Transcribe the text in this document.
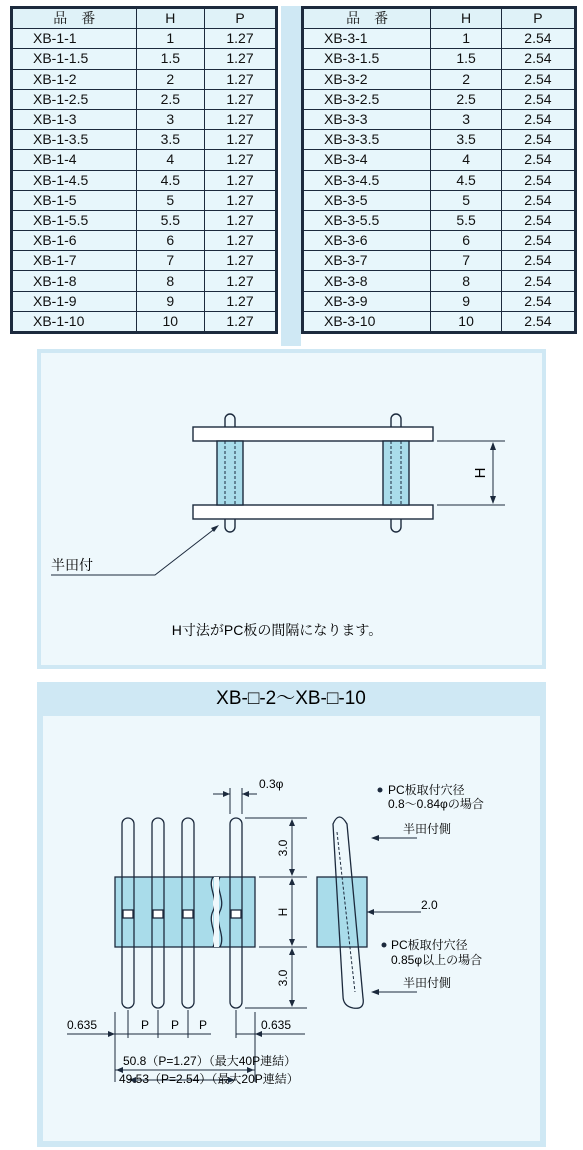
品　番	H	P
XB-1-1	1	1.27
XB-1-1.5	1.5	1.27
XB-1-2	2	1.27
XB-1-2.5	2.5	1.27
XB-1-3	3	1.27
XB-1-3.5	3.5	1.27
XB-1-4	4	1.27
XB-1-4.5	4.5	1.27
XB-1-5	5	1.27
XB-1-5.5	5.5	1.27
XB-1-6	6	1.27
XB-1-7	7	1.27
XB-1-8	8	1.27
XB-1-9	9	1.27
XB-1-10	10	1.27
品　番	H	P
XB-3-1	1	2.54
XB-3-1.5	1.5	2.54
XB-3-2	2	2.54
XB-3-2.5	2.5	2.54
XB-3-3	3	2.54
XB-3-3.5	3.5	2.54
XB-3-4	4	2.54
XB-3-4.5	4.5	2.54
XB-3-5	5	2.54
XB-3-5.5	5.5	2.54
XB-3-6	6	2.54
XB-3-7	7	2.54
XB-3-8	8	2.54
XB-3-9	9	2.54
XB-3-10	10	2.54
H
半田付
H寸法がPC板の間隔になります。
XB-□-2〜XB-□-10
0.3φ
3.0
H
3.0
0.635	P P P	0.635
50.8（P=1.27）（最大40P連結）
49.53（P=2.54）（最大20P連結）
PC板取付穴径
0.8〜0.84φの場合
半田付側
2.0
PC板取付穴径
0.85φ以上の場合
半田付側
